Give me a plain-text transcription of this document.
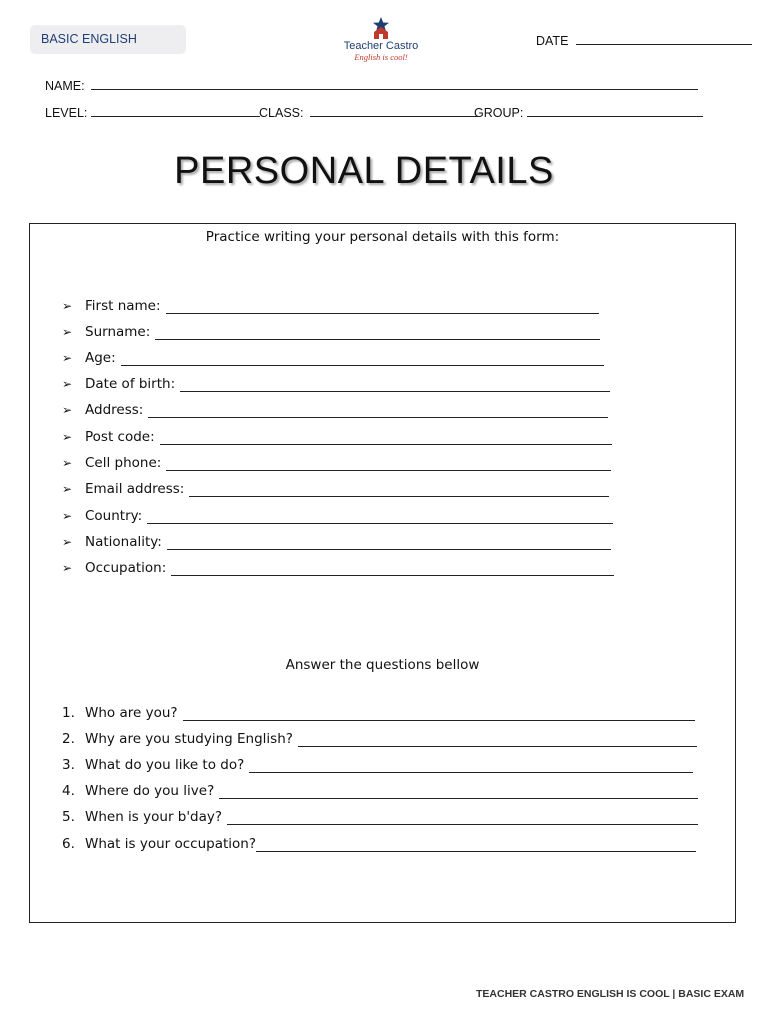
BASIC ENGLISH	Teacher Castro
English is cool!
DATE
NAME:
LEVEL:	CLASS:	GROUP:
PERSONAL DETAILS
Practice writing your personal details with this form:
➢ First name:
➢ Surname:
➢ Age:
➢ Date of birth:
➢ Address:
➢ Post code:
➢ Cell phone:
➢ Email address:
➢ Country:
➢ Nationality:
➢ Occupation:
Answer the questions bellow
1. Who are you?
2. Why are you studying English?
3. What do you like to do?
4. Where do you live?
5. When is your b'day?
6. What is your occupation?
TEACHER CASTRO ENGLISH IS COOL | BASIC EXAM
